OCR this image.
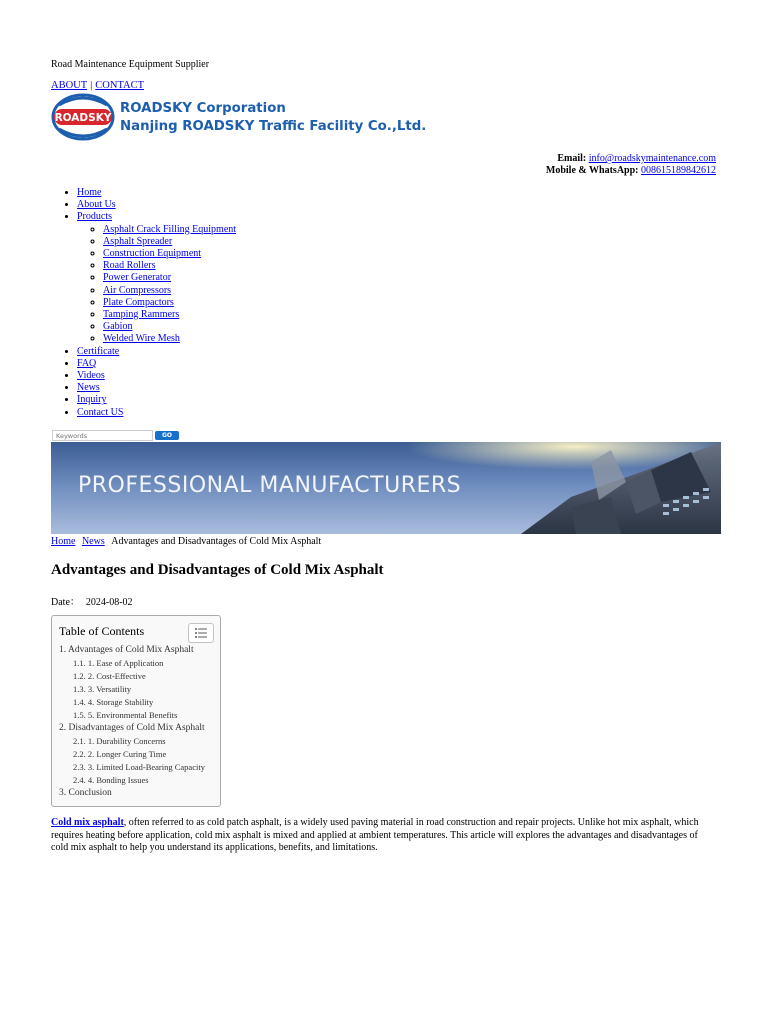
Road Maintenance Equipment Supplier
ABOUT | CONTACT
ROADSKY
ROADSKY Corporation
Nanjing ROADSKY Traffic Facility Co.,Ltd.
Email: info@roadskymaintenance.com
Mobile & WhatsApp: 008615189842612
• Home
• About Us
• Products
◦ Asphalt Crack Filling Equipment
◦ Asphalt Spreader
◦ Construction Equipment
◦ Road Rollers
◦ Power Generator
◦ Air Compressors
◦ Plate Compactors
◦ Tamping Rammers
◦ Gabion
◦ Welded Wire Mesh
• Certificate
• FAQ
• Videos
• News
• Inquiry
• Contact US
Keywords
GO
PROFESSIONAL MANUFACTURERS
Home News Advantages and Disadvantages of Cold Mix Asphalt
Advantages and Disadvantages of Cold Mix Asphalt
Date： 2024-08-02
Table of Contents
1. Advantages of Cold Mix Asphalt
1.1. 1. Ease of Application
1.2. 2. Cost-Effective
1.3. 3. Versatility
1.4. 4. Storage Stability
1.5. 5. Environmental Benefits
2. Disadvantages of Cold Mix Asphalt
2.1. 1. Durability Concerns
2.2. 2. Longer Curing Time
2.3. 3. Limited Load-Bearing Capacity
2.4. 4. Bonding Issues
3. Conclusion

Cold mix asphalt, often referred to as cold patch asphalt, is a widely used paving material in road construction and repair projects. Unlike hot mix asphalt, which requires heating before application, cold mix asphalt is mixed and applied at ambient temperatures. This article will explores the advantages and disadvantages of cold mix asphalt to help you understand its applications, benefits, and limitations.
